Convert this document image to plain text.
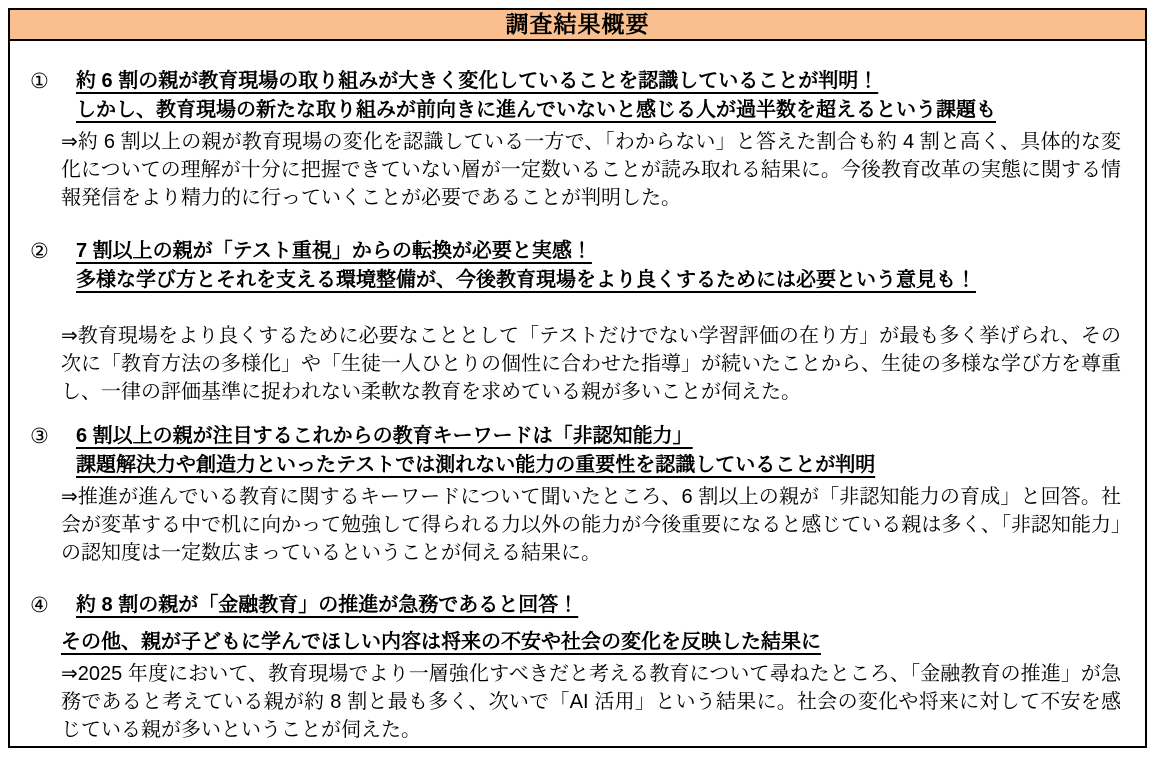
調査結果概要
①	約 6 割の親が教育現場の取り組みが大きく変化していることを認識していることが判明！
しかし、教育現場の新たな取り組みが前向きに進んでいないと感じる人が過半数を超えるという課題も

⇒約 6 割以上の親が教育現場の変化を認識している一方で、「わからない」と答えた割合も約 4 割と高く、具体的な変化についての理解が十分に把握できていない層が一定数いることが読み取れる結果に。今後教育改革の実態に関する情報発信をより精力的に行っていくことが必要であることが判明した。

②	7 割以上の親が「テスト重視」からの転換が必要と実感！
多様な学び方とそれを支える環境整備が、今後教育現場をより良くするためには必要という意見も！

⇒教育現場をより良くするために必要なこととして「テストだけでない学習評価の在り方」が最も多く挙げられ、その次に「教育方法の多様化」や「生徒一人ひとりの個性に合わせた指導」が続いたことから、生徒の多様な学び方を尊重し、一律の評価基準に捉われない柔軟な教育を求めている親が多いことが伺えた。

③	6 割以上の親が注目するこれからの教育キーワードは「非認知能力」
課題解決力や創造力といったテストでは測れない能力の重要性を認識していることが判明

⇒推進が進んでいる教育に関するキーワードについて聞いたところ、6 割以上の親が「非認知能力の育成」と回答。社会が変革する中で机に向かって勉強して得られる力以外の能力が今後重要になると感じている親は多く、「非認知能力」の認知度は一定数広まっているということが伺える結果に。

④	約 8 割の親が「金融教育」の推進が急務であると回答！
その他、親が子どもに学んでほしい内容は将来の不安や社会の変化を反映した結果に

⇒2025 年度において、教育現場でより一層強化すべきだと考える教育について尋ねたところ、「金融教育の推進」が急務であると考えている親が約 8 割と最も多く、次いで「AI 活用」という結果に。社会の変化や将来に対して不安を感じている親が多いということが伺えた。
